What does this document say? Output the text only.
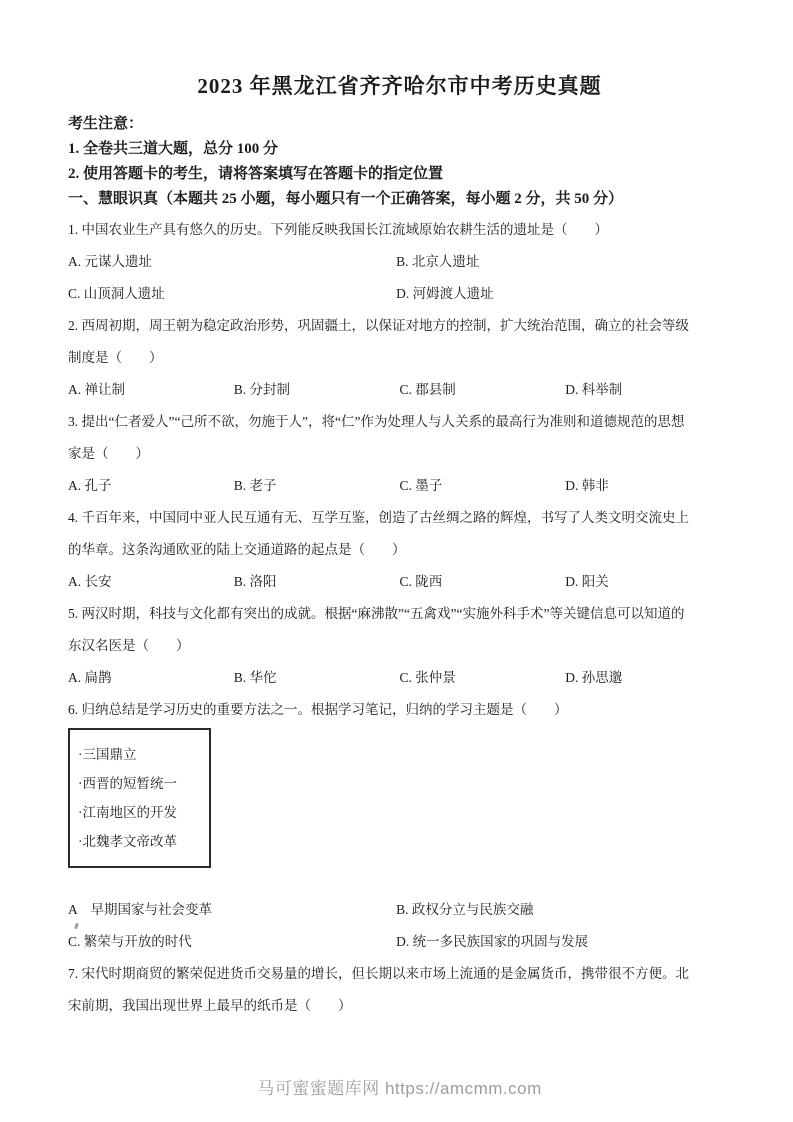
2023 年黑龙江省齐齐哈尔市中考历史真题
考生注意：
1. 全卷共三道大题，总分 100 分
2. 使用答题卡的考生，请将答案填写在答题卡的指定位置
一、慧眼识真（本题共 25 小题，每小题只有一个正确答案，每小题 2 分，共 50 分）
1. 中国农业生产具有悠久的历史。下列能反映我国长江流域原始农耕生活的遗址是（　　）
A. 元谋人遗址	B. 北京人遗址
C. 山顶洞人遗址	D. 河姆渡人遗址
2. 西周初期，周王朝为稳定政治形势，巩固疆土，以保证对地方的控制，扩大统治范围，确立的社会等级
制度是（　　）
A. 禅让制	B. 分封制	C. 郡县制	D. 科举制
3. 提出“仁者爱人”“己所不欲，勿施于人”，将“仁”作为处理人与人关系的最高行为准则和道德规范的思想
家是（　　）
A. 孔子	B. 老子	C. 墨子	D. 韩非
4. 千百年来，中国同中亚人民互通有无、互学互鉴，创造了古丝绸之路的辉煌，书写了人类文明交流史上
的华章。这条沟通欧亚的陆上交通道路的起点是（　　）
A. 长安	B. 洛阳	C. 陇西	D. 阳关
5. 两汉时期，科技与文化都有突出的成就。根据“麻沸散”“五禽戏”“实施外科手术”等关键信息可以知道的
东汉名医是（　　）
A. 扁鹊	B. 华佗	C. 张仲景	D. 孙思邈
6. 归纳总结是学习历史的重要方法之一。根据学习笔记，归纳的学习主题是（　　）
·三国鼎立
·西晋的短暂统一
·江南地区的开发
·北魏孝文帝改革
A　早期国家与社会变革	B. 政权分立与民族交融
C. 繁荣与开放的时代	D. 统一多民族国家的巩固与发展
7. 宋代时期商贸的繁荣促进货币交易量的增长，但长期以来市场上流通的是金属货币，携带很不方便。北
宋前期，我国出现世界上最早的纸币是（　　）
马可蜜蜜题库网 https://amcmm.com
